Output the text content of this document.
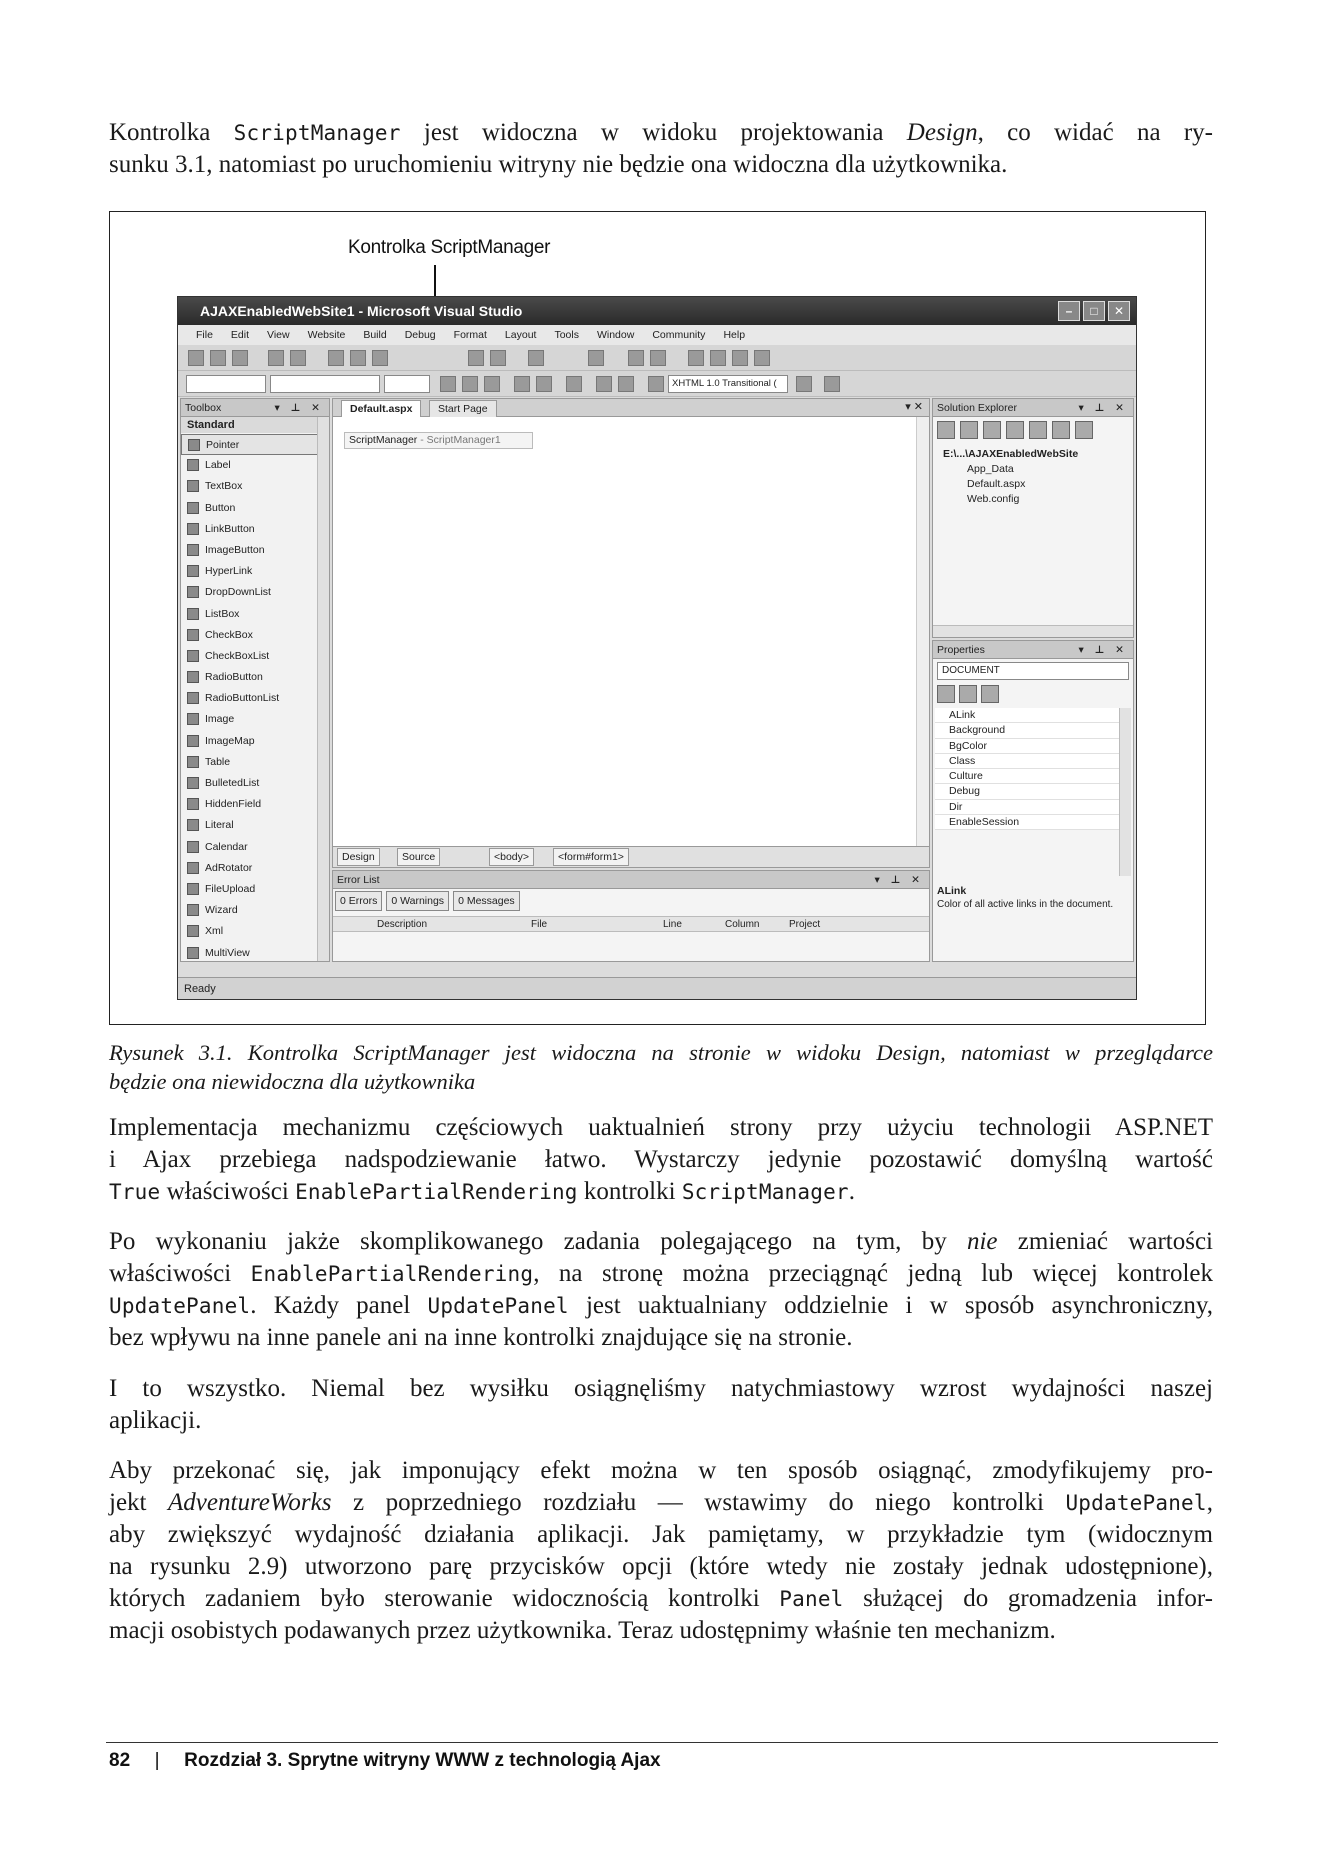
Kontrolka ScriptManager jest widoczna w widoku projektowania Design, co widać na ry-
sunku 3.1, natomiast po uruchomieniu witryny nie będzie ona widoczna dla użytkownika.
Kontrolka ScriptManager
AJAXEnabledWebSite1 - Microsoft Visual Studio	–	□	✕
File Edit View Website Build Debug Format Layout Tools Window Community Help
XHTML 1.0 Transitional (
Toolbox	▾ ⊥ ✕
Standard
Pointer
Label
TextBox
Button
LinkButton
ImageButton
HyperLink
DropDownList
ListBox
CheckBox
CheckBoxList
RadioButton
RadioButtonList
Image
ImageMap
Table
BulletedList
HiddenField
Literal
Calendar
AdRotator
FileUpload
Wizard
Xml
MultiView
Default.aspx	Start Page	▾ ✕
ScriptManager - ScriptManager1
Design	Source	<body>	<form#form1>
Error List	▾ ⊥ ✕
0 Errors	0 Warnings	0 Messages
Description	File	Line	Column	Project
Solution Explorer	▾ ⊥ ✕
E:\...\AJAXEnabledWebSite
App_Data
Default.aspx
Web.config
Properties	▾ ⊥ ✕
DOCUMENT
ALink
Background
BgColor
Class
Culture
Debug
Dir
EnableSession
ALink
Color of all active links in the document.
Ready
Rysunek 3.1. Kontrolka ScriptManager jest widoczna na stronie w widoku Design, natomiast w przeglądarce
będzie ona niewidoczna dla użytkownika
Implementacja mechanizmu częściowych uaktualnień strony przy użyciu technologii ASP.NET
i Ajax przebiega nadspodziewanie łatwo. Wystarczy jedynie pozostawić domyślną wartość
True właściwości EnablePartialRendering kontrolki ScriptManager.
Po wykonaniu jakże skomplikowanego zadania polegającego na tym, by nie zmieniać wartości
właściwości EnablePartialRendering, na stronę można przeciągnąć jedną lub więcej kontrolek
UpdatePanel. Każdy panel UpdatePanel jest uaktualniany oddzielnie i w sposób asynchroniczny,
bez wpływu na inne panele ani na inne kontrolki znajdujące się na stronie.
I to wszystko. Niemal bez wysiłku osiągnęliśmy natychmiastowy wzrost wydajności naszej
aplikacji.
Aby przekonać się, jak imponujący efekt można w ten sposób osiągnąć, zmodyfikujemy pro-
jekt AdventureWorks z poprzedniego rozdziału — wstawimy do niego kontrolki UpdatePanel,
aby zwiększyć wydajność działania aplikacji. Jak pamiętamy, w przykładzie tym (widocznym
na rysunku 2.9) utworzono parę przycisków opcji (które wtedy nie zostały jednak udostępnione),
których zadaniem było sterowanie widocznością kontrolki Panel służącej do gromadzenia infor-
macji osobistych podawanych przez użytkownika. Teraz udostępnimy właśnie ten mechanizm.
82 | Rozdział 3. Sprytne witryny WWW z technologią Ajax
